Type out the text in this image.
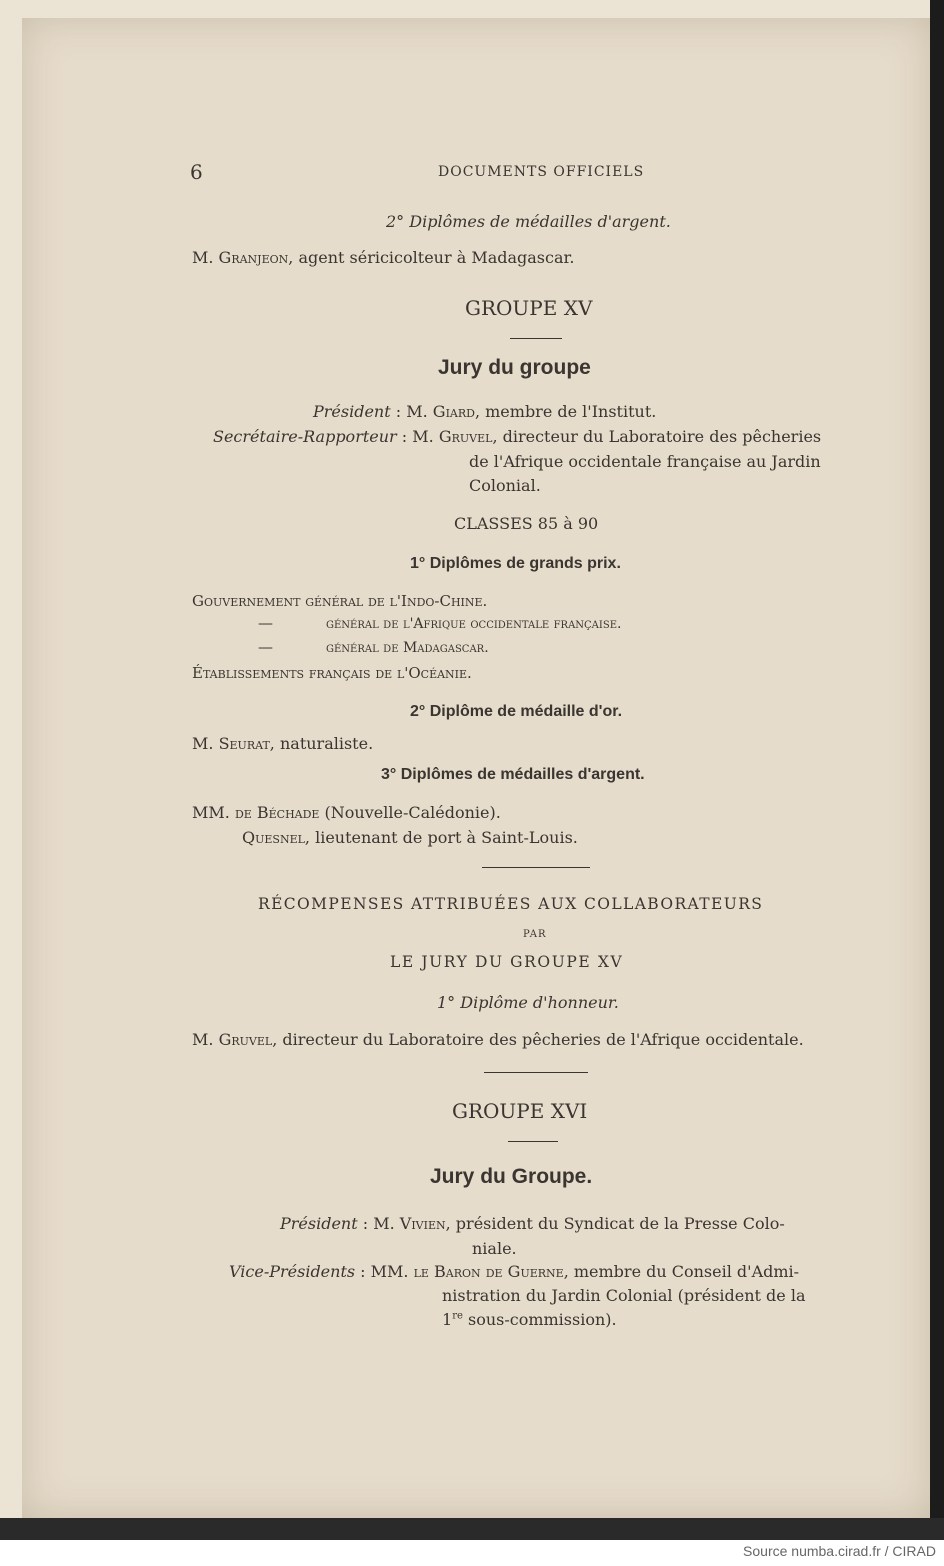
6	DOCUMENTS OFFICIELS
2° Diplômes de médailles d'argent.
M. Granjeon, agent séricicolteur à Madagascar.
GROUPE XV
Jury du groupe
Président : M. Giard, membre de l'Institut.
Secrétaire-Rapporteur : M. Gruvel, directeur du Laboratoire des pêcheries
de l'Afrique occidentale française au Jardin
Colonial.
CLASSES 85 à 90
1° Diplômes de grands prix.
Gouvernement général de l'Indo-Chine.
—	général de l'Afrique occidentale française.
—	général de Madagascar.
Établissements français de l'Océanie.
2° Diplôme de médaille d'or.
M. Seurat, naturaliste.
3° Diplômes de médailles d'argent.
MM. de Béchade (Nouvelle-Calédonie).
Quesnel, lieutenant de port à Saint-Louis.
RÉCOMPENSES ATTRIBUÉES AUX COLLABORATEURS
PAR
LE JURY DU GROUPE XV
1° Diplôme d'honneur.
M. Gruvel, directeur du Laboratoire des pêcheries de l'Afrique occidentale.
GROUPE XVI
Jury du Groupe.
Président : M. Vivien, président du Syndicat de la Presse Colo-
niale.
Vice-Présidents : MM. le Baron de Guerne, membre du Conseil d'Admi-
nistration du Jardin Colonial (président de la
1re sous-commission).
Source numba.cirad.fr / CIRAD
